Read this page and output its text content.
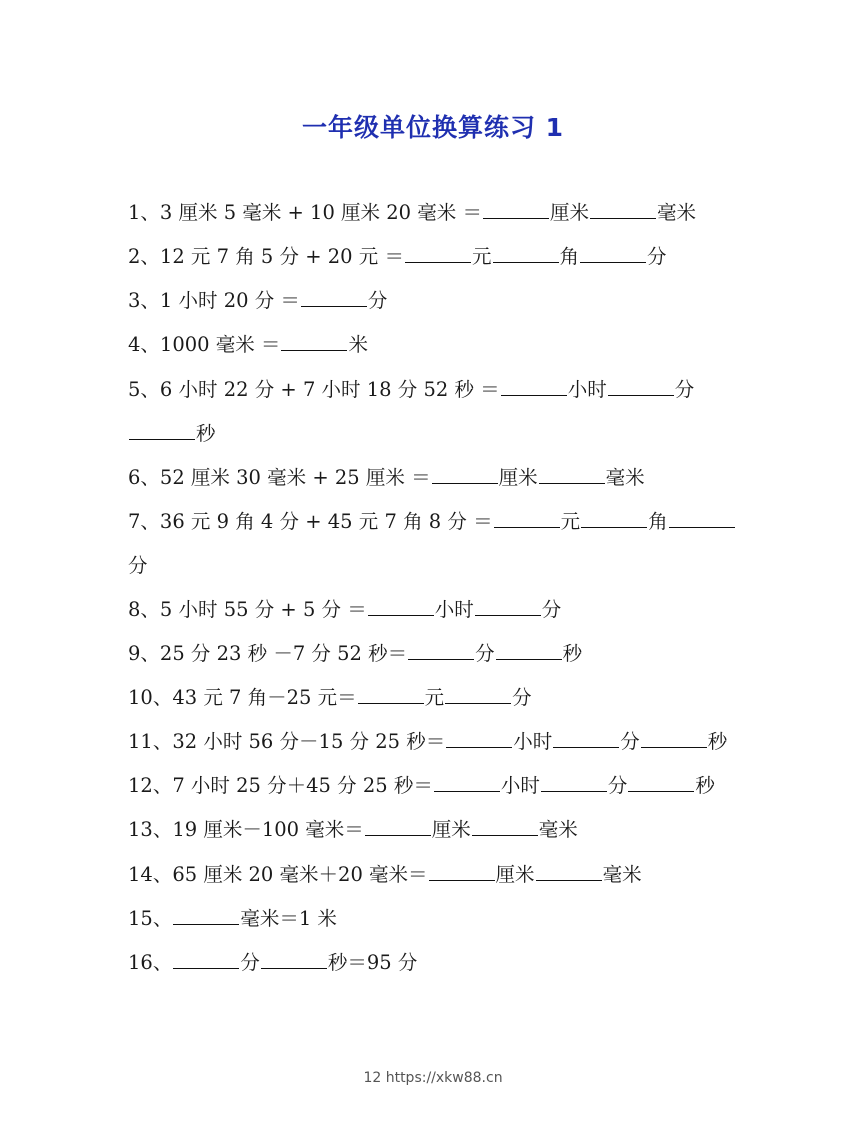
一年级单位换算练习 1
1、3 厘米 5 毫米 + 10 厘米 20 毫米 ＝	厘米	毫米
2、12 元 7 角 5 分 + 20 元 ＝	元	角	分
3、1 小时 20 分 ＝	分
4、1000 毫米 ＝	米
5、6 小时 22 分 + 7 小时 18 分 52 秒 ＝	小时	分
秒
6、52 厘米 30 毫米 + 25 厘米 ＝	厘米	毫米
7、36 元 9 角 4 分 + 45 元 7 角 8 分 ＝	元	角
分
8、5 小时 55 分 + 5 分 ＝	小时	分
9、25 分 23 秒 －7 分 52 秒＝	分	秒
10、43 元 7 角－25 元＝	元	分
11、32 小时 56 分－15 分 25 秒＝	小时	分	秒
12、7 小时 25 分＋45 分 25 秒＝	小时	分	秒
13、19 厘米－100 毫米＝	厘米	毫米
14、65 厘米 20 毫米＋20 毫米＝	厘米	毫米
15、	毫米＝1 米
16、	分	秒＝95 分
12 https://xkw88.cn
